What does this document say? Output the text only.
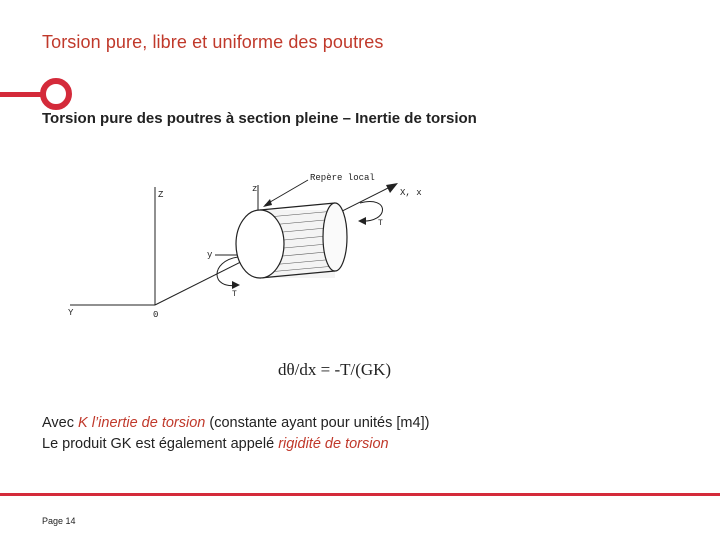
Torsion pure, libre et uniforme des poutres
Torsion pure des poutres à section pleine – Inertie de torsion
Z
z
Repère local
X, x
T
y
T
Y	0
dθ/dx = -T/(GK)
Avec K l’inertie de torsion (constante ayant pour unités [m4])
Le produit GK est également appelé rigidité de torsion
Page 14
